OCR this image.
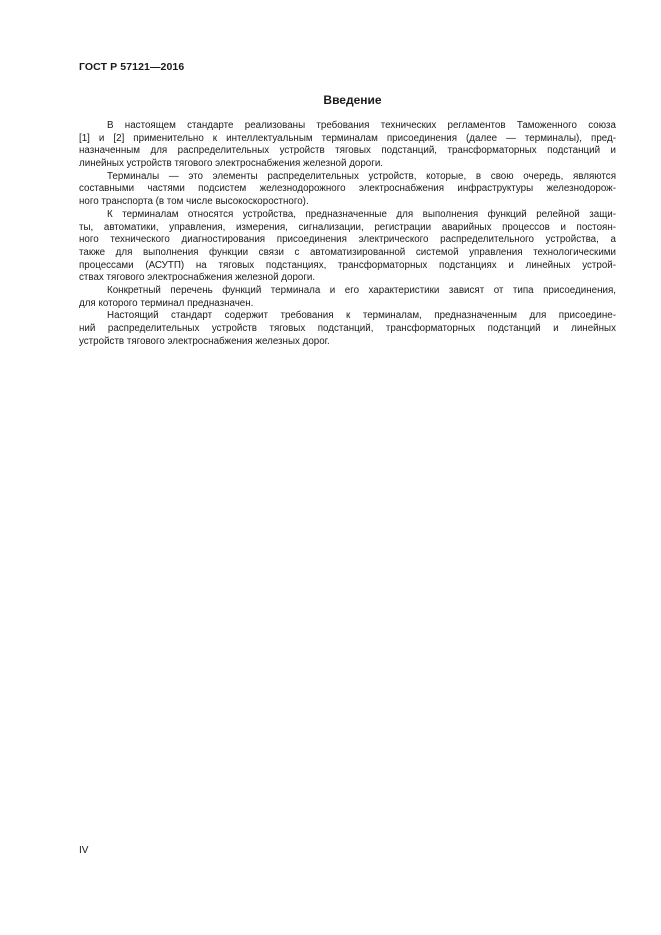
ГОСТ Р 57121—2016
Введение
В настоящем стандарте реализованы требования технических регламентов Таможенного союза
[1] и [2] применительно к интеллектуальным терминалам присоединения (далее — терминалы), пред-
назначенным для распределительных устройств тяговых подстанций, трансформаторных подстанций и
линейных устройств тягового электроснабжения железной дороги.
Терминалы — это элементы распределительных устройств, которые, в свою очередь, являются
составными частями подсистем железнодорожного электроснабжения инфраструктуры железнодорож-
ного транспорта (в том числе высокоскоростного).
К терминалам относятся устройства, предназначенные для выполнения функций релейной защи-
ты, автоматики, управления, измерения, сигнализации, регистрации аварийных процессов и постоян-
ного технического диагностирования присоединения электрического распределительного устройства, а
также для выполнения функции связи с автоматизированной системой управления технологическими
процессами (АСУТП) на тяговых подстанциях, трансформаторных подстанциях и линейных устрой-
ствах тягового электроснабжения железной дороги.
Конкретный перечень функций терминала и его характеристики зависят от типа присоединения,
для которого терминал предназначен.
Настоящий стандарт содержит требования к терминалам, предназначенным для присоедине-
ний распределительных устройств тяговых подстанций, трансформаторных подстанций и линейных
устройств тягового электроснабжения железных дорог.
IV
